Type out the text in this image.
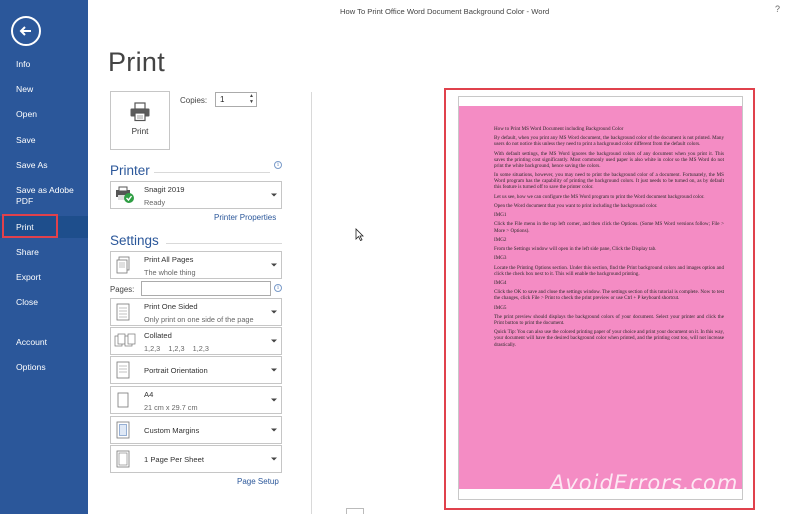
Info
New
Open
Save
Save As
Save as Adobe PDF
Print
Share
Export
Close
Account
Options
How To Print Office Word Document Background Color - Word	?
Print
Print
Copies: 1	▲
▼
Printer	i
Snagit 2019
Ready
Printer Properties
Settings
Print All Pages
The whole thing
Pages:	i
Print One Sided
Only print on one side of the page
Collated
1,2,3    1,2,3    1,2,3
Portrait Orientation
A4
21 cm x 29.7 cm
Custom Margins
1 Page Per Sheet
Page Setup

How to Print MS Word Document including Background Color

By default, when you print any MS Word document, the background color of the document is not printed. Many users do not notice this unless they need to print a background color different from the default colors.

With default settings, the MS Word ignores the background colors of any document when you print it. This saves the printing cost significantly. Most commonly used paper is also white in color so the MS Word do not print the white background, hence saving the colors.

In some situations, however, you may need to print the background color of a document. Fortunately, the MS Word program has the capability of printing the background colors. It just needs to be turned on, as by default this feature is turned off to save the printer color.

Let us see, how we can configure the MS Word program to print the Word document background color.

Open the Word document that you want to print including the background color.

IMG1

Click the File menu in the top left corner, and then click the Options. (Some MS Word versions follow; File > More > Options).

IMG2

From the Settings window will open in the left side pane, Click the Display tab.

IMG3

Locate the Printing Options section. Under this section, find the Print background colors and images option and click the check box next to it. This will enable the background printing.

IMG4

Click the OK to save and close the settings window. The settings section of this tutorial is complete. Now to test the changes, click File > Print to check the print preview or use Ctrl + P keyboard shortcut.

IMG5

The print preview should displays the background colors of your document. Select your printer and click the Print button to print the document.

Quick Tip: You can also use the colored printing paper of your choice and print your document on it. In this way, your document will have the desired background color when printed, and the printing cost too, will not increase drastically.

AvoidErrors.com
